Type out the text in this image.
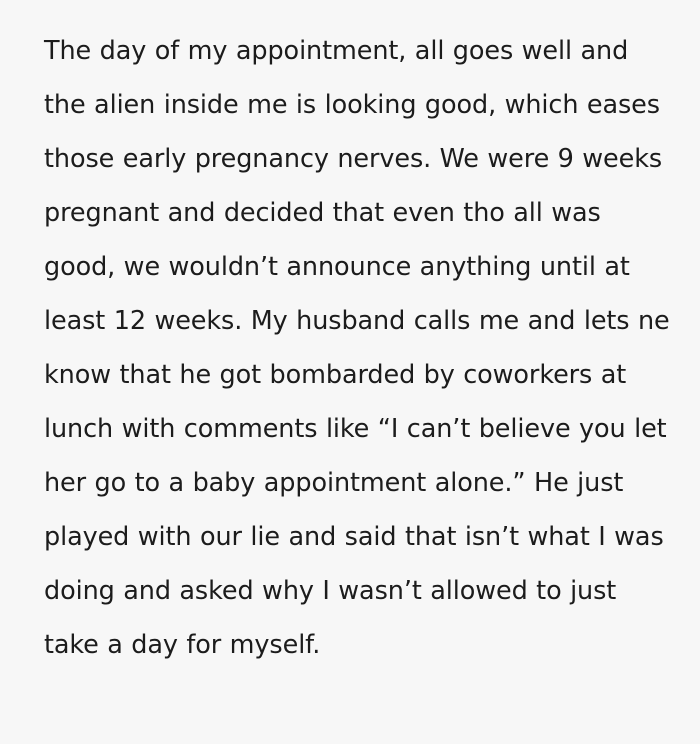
The day of my appointment, all goes well and the alien inside me is looking good, which eases those early pregnancy nerves. We were 9 weeks pregnant and decided that even tho all was good, we wouldn’t announce anything until at least 12 weeks. My husband calls me and lets ne know that he got bombarded by coworkers at lunch with comments like “I can’t believe you let her go to a baby appointment alone.” He just played with our lie and said that isn’t what I was doing and asked why I wasn’t allowed to just take a day for myself.
